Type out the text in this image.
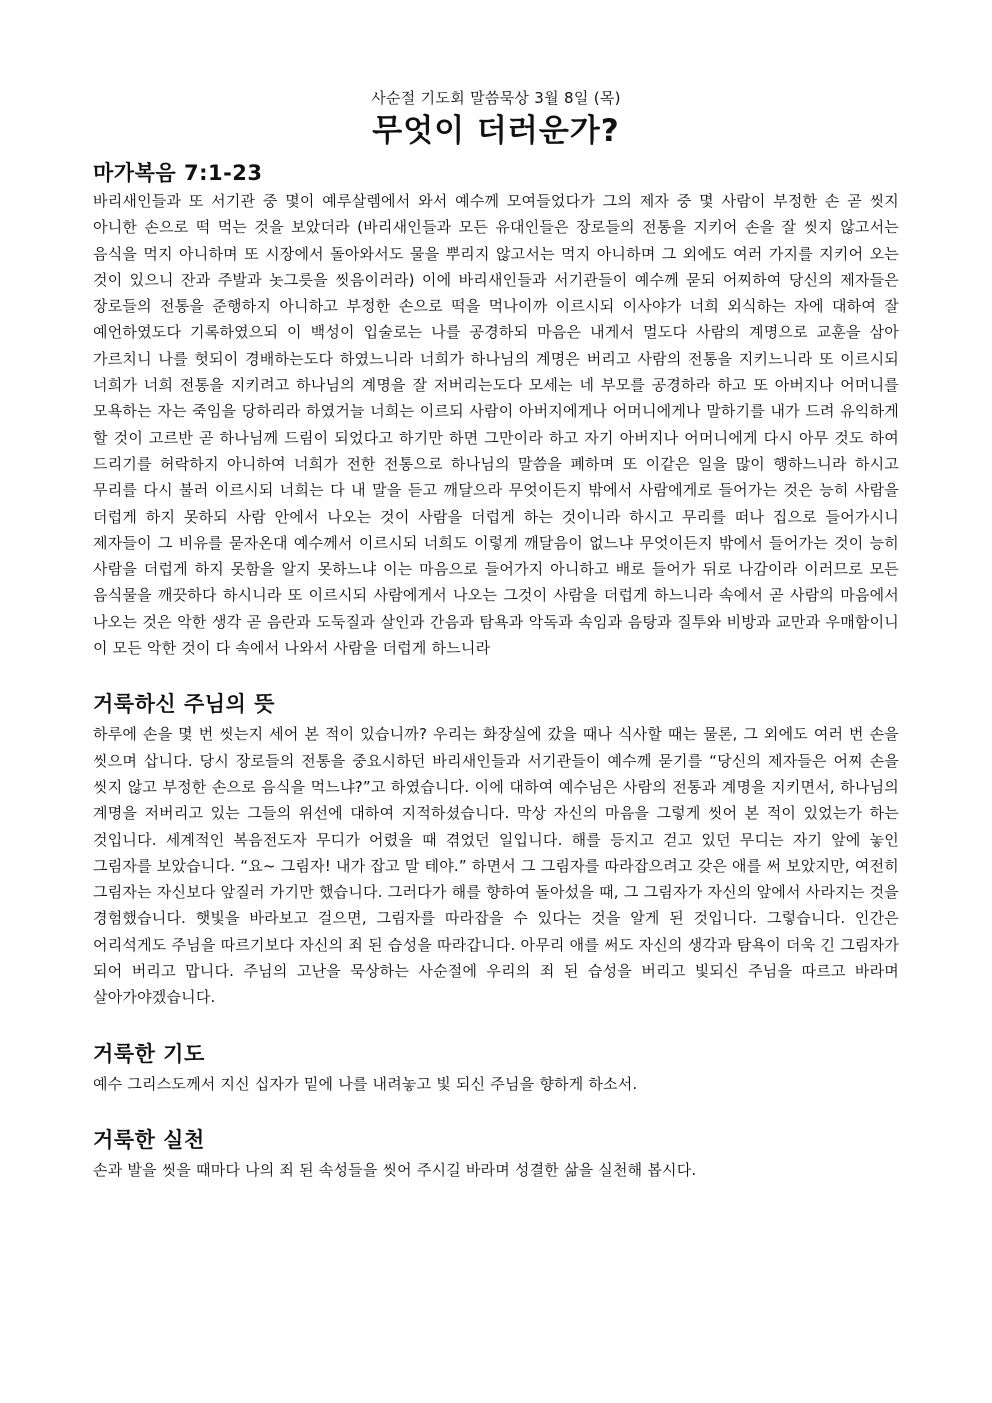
사순절 기도회 말씀묵상 3월 8일 (목)

무엇이 더러운가?
마가복음 7:1-23

바리새인들과 또 서기관 중 몇이 예루살렘에서 와서 예수께 모여들었다가 그의 제자 중 몇 사람이 부정한 손 곧 씻지 아니한 손으로 떡 먹는 것을 보았더라 (바리새인들과 모든 유대인들은 장로들의 전통을 지키어 손을 잘 씻지 않고서는 음식을 먹지 아니하며 또 시장에서 돌아와서도 물을 뿌리지 않고서는 먹지 아니하며 그 외에도 여러 가지를 지키어 오는 것이 있으니 잔과 주발과 놋그릇을 씻음이러라) 이에 바리새인들과 서기관들이 예수께 묻되 어찌하여 당신의 제자들은 장로들의 전통을 준행하지 아니하고 부정한 손으로 떡을 먹나이까 이르시되 이사야가 너희 외식하는 자에 대하여 잘 예언하였도다 기록하였으되 이 백성이 입술로는 나를 공경하되 마음은 내게서 멀도다 사람의 계명으로 교훈을 삼아 가르치니 나를 헛되이 경배하는도다 하였느니라 너희가 하나님의 계명은 버리고 사람의 전통을 지키느니라 또 이르시되 너희가 너희 전통을 지키려고 하나님의 계명을 잘 저버리는도다 모세는 네 부모를 공경하라 하고 또 아버지나 어머니를 모욕하는 자는 죽임을 당하리라 하였거늘 너희는 이르되 사람이 아버지에게나 어머니에게나 말하기를 내가 드려 유익하게 할 것이 고르반 곧 하나님께 드림이 되었다고 하기만 하면 그만이라 하고 자기 아버지나 어머니에게 다시 아무 것도 하여 드리기를 허락하지 아니하여 너희가 전한 전통으로 하나님의 말씀을 폐하며 또 이같은 일을 많이 행하느니라 하시고 무리를 다시 불러 이르시되 너희는 다 내 말을 듣고 깨달으라 무엇이든지 밖에서 사람에게로 들어가는 것은 능히 사람을 더럽게 하지 못하되 사람 안에서 나오는 것이 사람을 더럽게 하는 것이니라 하시고 무리를 떠나 집으로 들어가시니 제자들이 그 비유를 묻자온대 예수께서 이르시되 너희도 이렇게 깨달음이 없느냐 무엇이든지 밖에서 들어가는 것이 능히 사람을 더럽게 하지 못함을 알지 못하느냐 이는 마음으로 들어가지 아니하고 배로 들어가 뒤로 나감이라 이러므로 모든 음식물을 깨끗하다 하시니라 또 이르시되 사람에게서 나오는 그것이 사람을 더럽게 하느니라 속에서 곧 사람의 마음에서 나오는 것은 악한 생각 곧 음란과 도둑질과 살인과 간음과 탐욕과 악독과 속임과 음탕과 질투와 비방과 교만과 우매함이니 이 모든 악한 것이 다 속에서 나와서 사람을 더럽게 하느니라

거룩하신 주님의 뜻

하루에 손을 몇 번 씻는지 세어 본 적이 있습니까? 우리는 화장실에 갔을 때나 식사할 때는 물론, 그 외에도 여러 번 손을 씻으며 삽니다. 당시 장로들의 전통을 중요시하던 바리새인들과 서기관들이 예수께 묻기를 “당신의 제자들은 어찌 손을 씻지 않고 부정한 손으로 음식을 먹느냐?”고 하였습니다. 이에 대하여 예수님은 사람의 전통과 계명을 지키면서, 하나님의 계명을 저버리고 있는 그들의 위선에 대하여 지적하셨습니다. 막상 자신의 마음을 그렇게 씻어 본 적이 있었는가 하는 것입니다. 세계적인 복음전도자 무디가 어렸을 때 겪었던 일입니다. 해를 등지고 걷고 있던 무디는 자기 앞에 놓인 그림자를 보았습니다. “요~ 그림자! 내가 잡고 말 테야.” 하면서 그 그림자를 따라잡으려고 갖은 애를 써 보았지만, 여전히 그림자는 자신보다 앞질러 가기만 했습니다. 그러다가 해를 향하여 돌아섰을 때, 그 그림자가 자신의 앞에서 사라지는 것을 경험했습니다. 햇빛을 바라보고 걸으면, 그림자를 따라잡을 수 있다는 것을 알게 된 것입니다. 그렇습니다. 인간은 어리석게도 주님을 따르기보다 자신의 죄 된 습성을 따라갑니다. 아무리 애를 써도 자신의 생각과 탐욕이 더욱 긴 그림자가 되어 버리고 맙니다. 주님의 고난을 묵상하는 사순절에 우리의 죄 된 습성을 버리고 빛되신 주님을 따르고 바라며 살아가야겠습니다.

거룩한 기도

예수 그리스도께서 지신 십자가 밑에 나를 내려놓고 빛 되신 주님을 향하게 하소서.

거룩한 실천

손과 발을 씻을 때마다 나의 죄 된 속성들을 씻어 주시길 바라며 성결한 삶을 실천해 봅시다.
